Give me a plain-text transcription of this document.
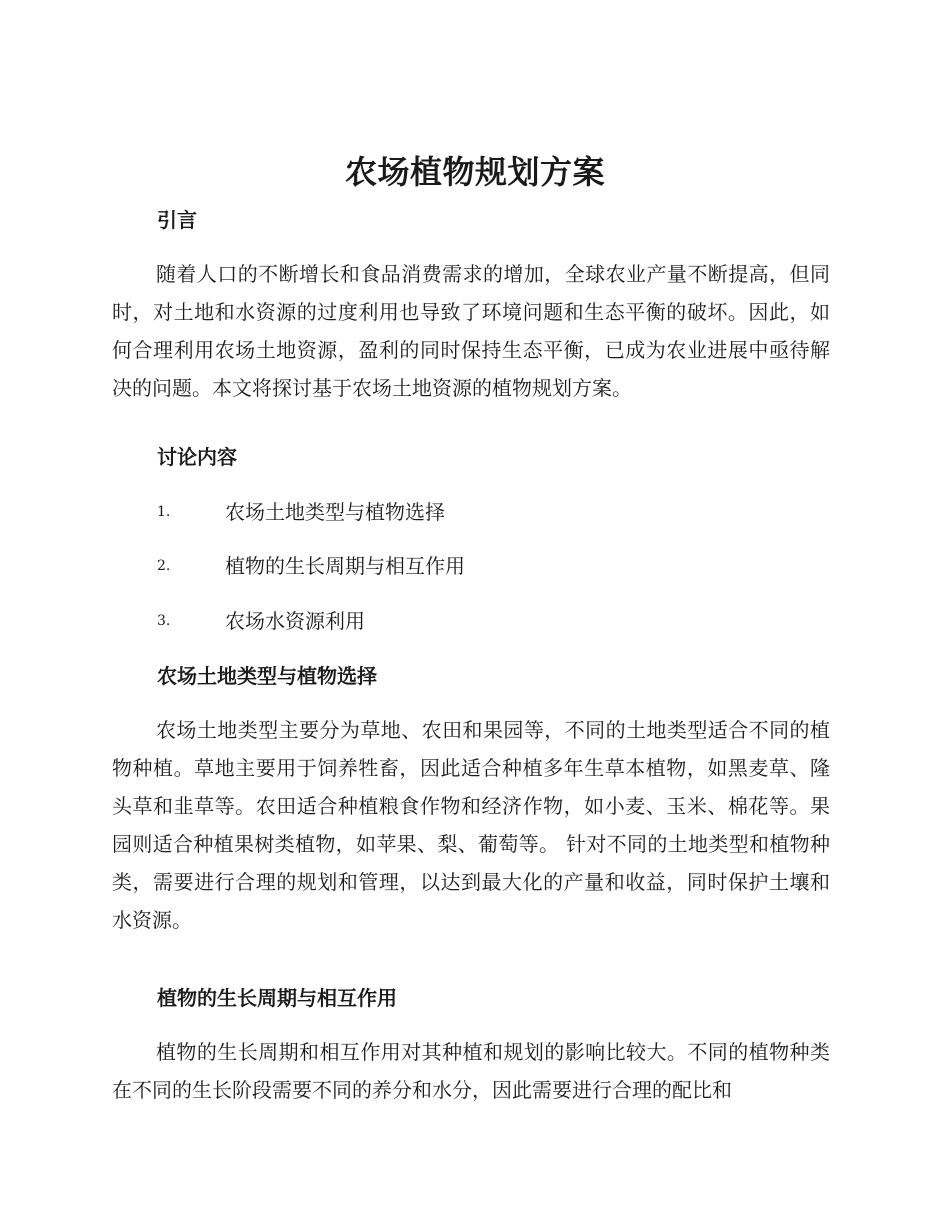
农场植物规划方案
引言
随着人口的不断增长和食品消费需求的增加，全球农业产量不断提高，但同时，对土地和水资源的过度利用也导致了环境问题和生态平衡的破坏。因此，如何合理利用农场土地资源，盈利的同时保持生态平衡，已成为农业进展中亟待解决的问题。本文将探讨基于农场土地资源的植物规划方案。
讨论内容
1.	农场土地类型与植物选择
2.	植物的生长周期与相互作用
3.	农场水资源利用
农场土地类型与植物选择
农场土地类型主要分为草地、农田和果园等，不同的土地类型适合不同的植物种植。草地主要用于饲养牲畜，因此适合种植多年生草本植物，如黑麦草、隆头草和韭草等。农田适合种植粮食作物和经济作物，如小麦、玉米、棉花等。果园则适合种植果树类植物，如苹果、梨、葡萄等。 针对不同的土地类型和植物种类，需要进行合理的规划和管理，以达到最大化的产量和收益，同时保护土壤和水资源。
植物的生长周期与相互作用
植物的生长周期和相互作用对其种植和规划的影响比较大。不同的植物种类在不同的生长阶段需要不同的养分和水分，因此需要进行合理的配比和
